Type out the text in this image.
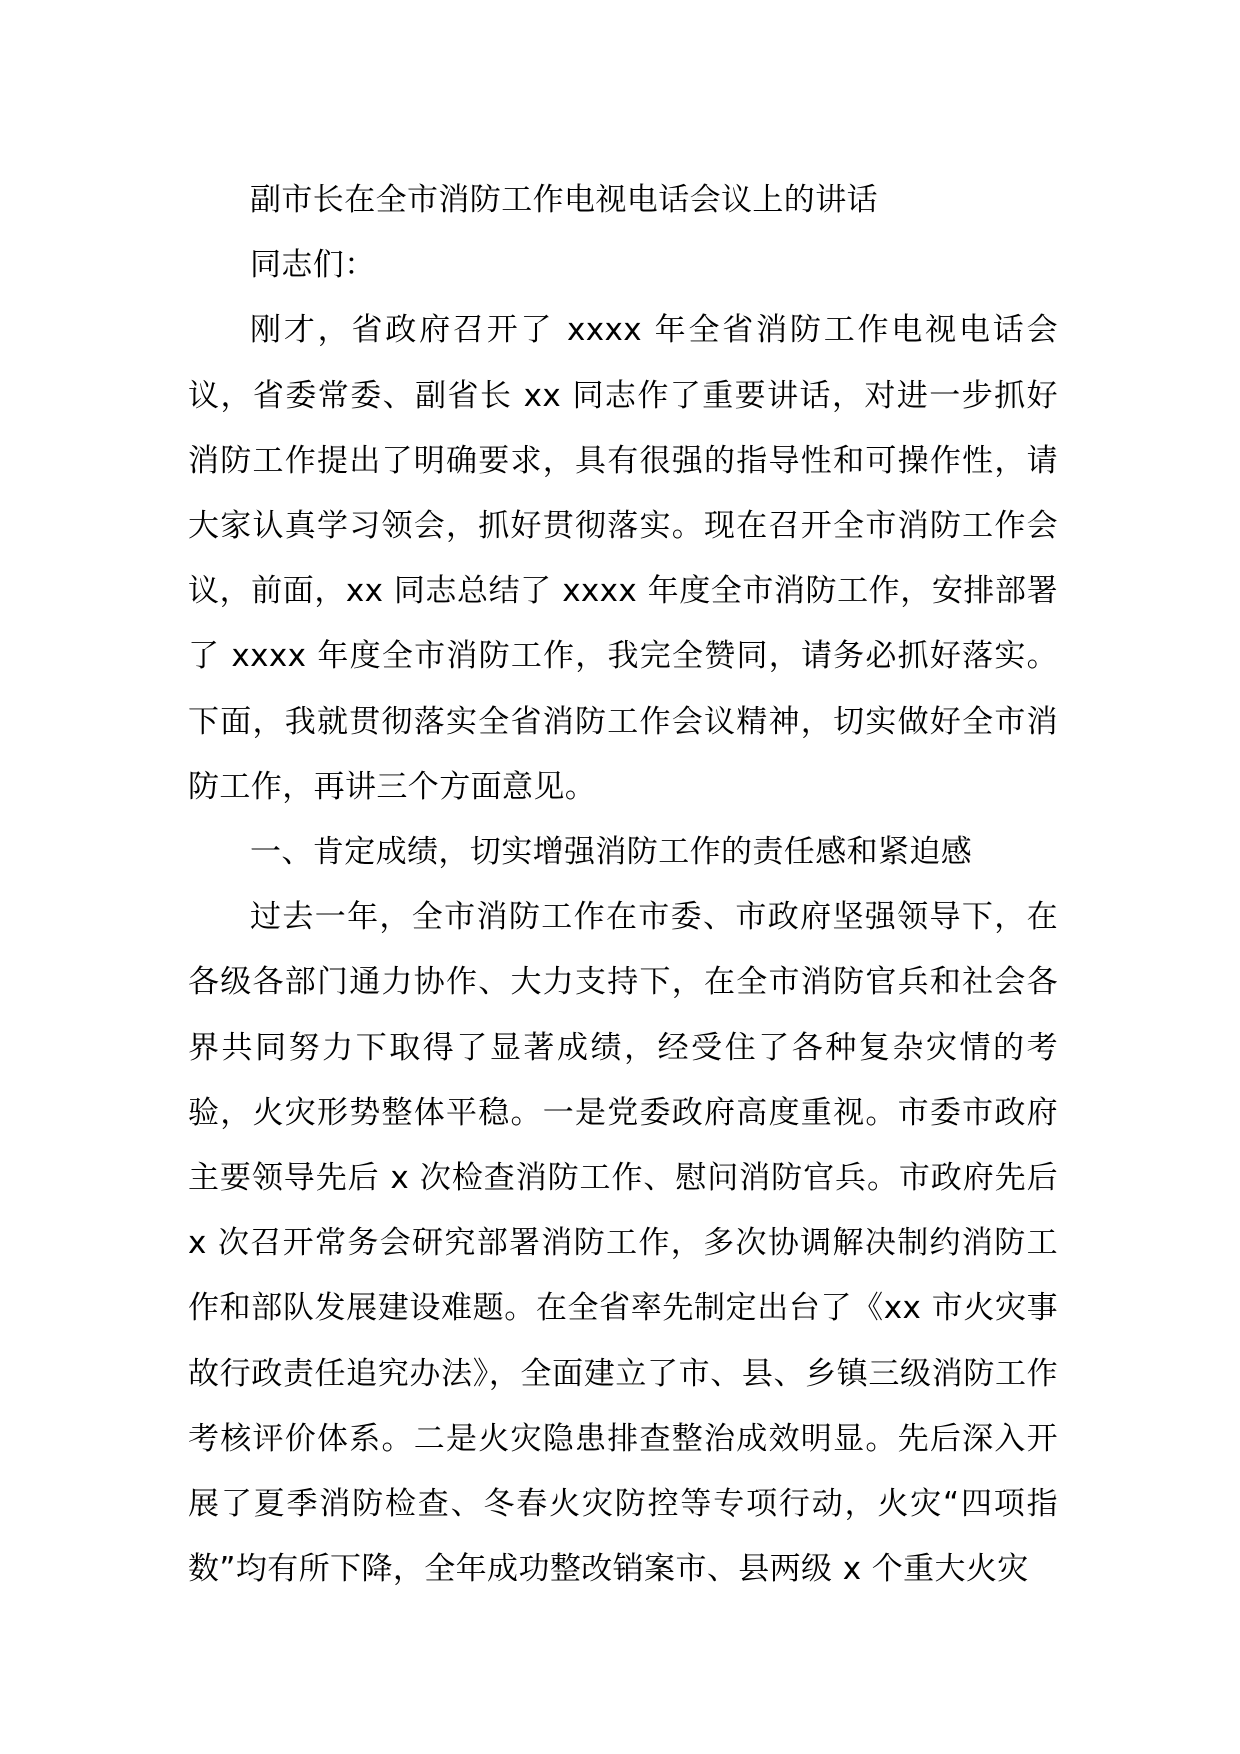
副市长在全市消防工作电视电话会议上的讲话

同志们：

刚才，省政府召开了 xxxx 年全省消防工作电视电话会议，省委常委、副省长 xx 同志作了重要讲话，对进一步抓好消防工作提出了明确要求，具有很强的指导性和可操作性，请大家认真学习领会，抓好贯彻落实。现在召开全市消防工作会议，前面，xx 同志总结了 xxxx 年度全市消防工作，安排部署了 xxxx 年度全市消防工作，我完全赞同，请务必抓好落实。下面，我就贯彻落实全省消防工作会议精神，切实做好全市消防工作，再讲三个方面意见。

一、肯定成绩，切实增强消防工作的责任感和紧迫感

过去一年，全市消防工作在市委、市政府坚强领导下，在各级各部门通力协作、大力支持下，在全市消防官兵和社会各界共同努力下取得了显著成绩，经受住了各种复杂灾情的考验，火灾形势整体平稳。一是党委政府高度重视。市委市政府主要领导先后 x 次检查消防工作、慰问消防官兵。市政府先后 x 次召开常务会研究部署消防工作，多次协调解决制约消防工作和部队发展建设难题。在全省率先制定出台了《xx 市火灾事故行政责任追究办法》，全面建立了市、县、乡镇三级消防工作考核评价体系。二是火灾隐患排查整治成效明显。先后深入开展了夏季消防检查、冬春火灾防控等专项行动，火灾“四项指数”均有所下降，全年成功整改销案市、县两级 x 个重大火灾
